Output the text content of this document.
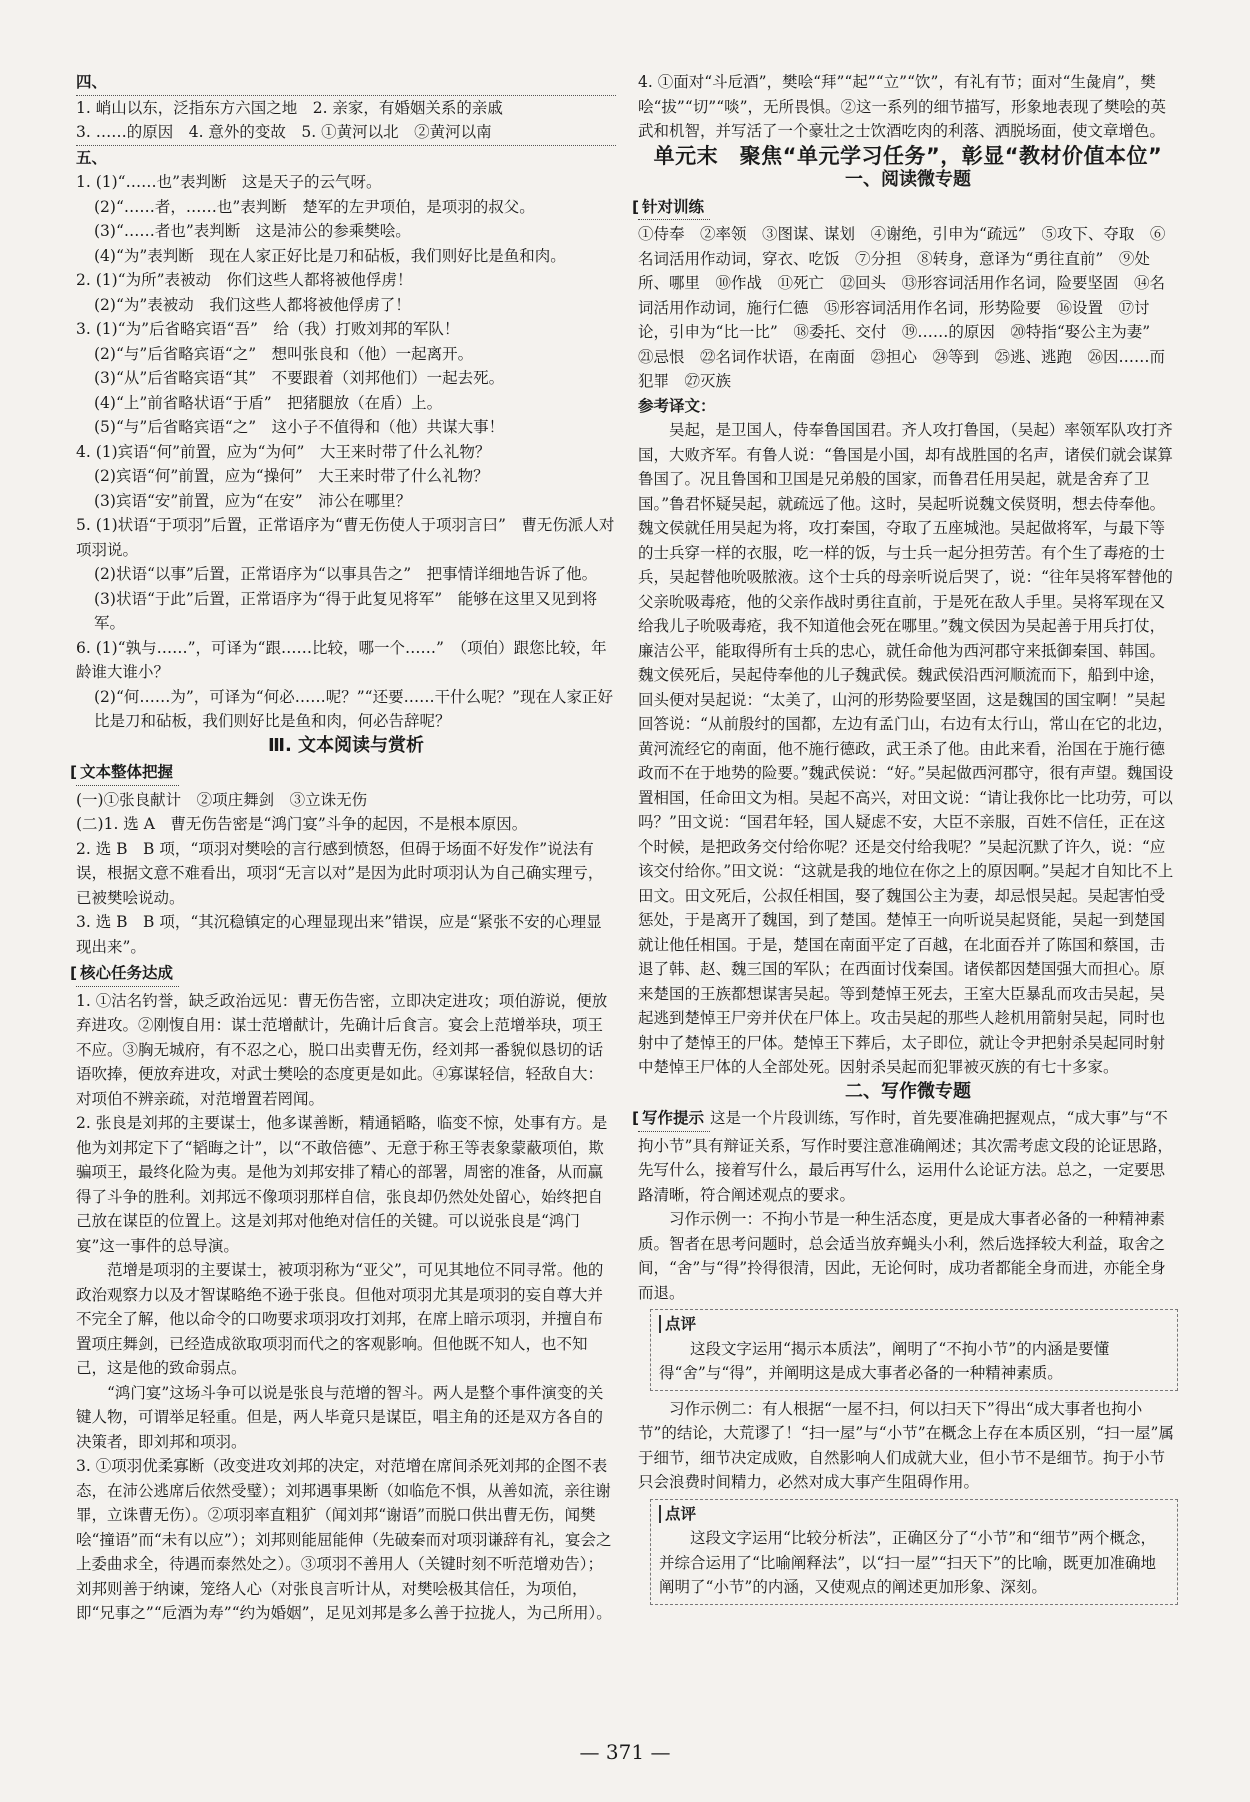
四、

1. 峭山以东，泛指东方六国之地　2. 亲家，有婚姻关系的亲戚

3. ……的原因　4. 意外的变故　5. ①黄河以北　②黄河以南

五、

1. (1)“……也”表判断　这是天子的云气呀。

(2)“……者，……也”表判断　楚军的左尹项伯，是项羽的叔父。

(3)“……者也”表判断　这是沛公的参乘樊哙。

(4)“为”表判断　现在人家正好比是刀和砧板，我们则好比是鱼和肉。

2. (1)“为所”表被动　你们这些人都将被他俘虏！

(2)“为”表被动　我们这些人都将被他俘虏了！

3. (1)“为”后省略宾语“吾”　给（我）打败刘邦的军队！

(2)“与”后省略宾语“之”　想叫张良和（他）一起离开。

(3)“从”后省略宾语“其”　不要跟着（刘邦他们）一起去死。

(4)“上”前省略状语“于盾”　把猪腿放（在盾）上。

(5)“与”后省略宾语“之”　这小子不值得和（他）共谋大事！

4. (1)宾语“何”前置，应为“为何”　大王来时带了什么礼物？

(2)宾语“何”前置，应为“操何”　大王来时带了什么礼物？

(3)宾语“安”前置，应为“在安”　沛公在哪里？

5. (1)状语“于项羽”后置，正常语序为“曹无伤使人于项羽言曰”　曹无伤派人对项羽说。

(2)状语“以事”后置，正常语序为“以事具告之”　把事情详细地告诉了他。

(3)状语“于此”后置，正常语序为“得于此复见将军”　能够在这里又见到将军。

6. (1)“孰与……”，可译为“跟……比较，哪一个……”　（项伯）跟您比较，年龄谁大谁小？

(2)“何……为”，可译为“何必……呢？”“还要……干什么呢？”现在人家正好比是刀和砧板，我们则好比是鱼和肉，何必告辞呢？

Ⅲ. 文本阅读与赏析

[ 文本整体把握

(一)①张良献计　②项庄舞剑　③立诛无伤

(二)1. 选 A　曹无伤告密是“鸿门宴”斗争的起因，不是根本原因。

2. 选 B　B 项，“项羽对樊哙的言行感到愤怒，但碍于场面不好发作”说法有误，根据文意不难看出，项羽“无言以对”是因为此时项羽认为自己确实理亏，已被樊哙说动。

3. 选 B　B 项，“其沉稳镇定的心理显现出来”错误，应是“紧张不安的心理显现出来”。

[ 核心任务达成

1. ①沽名钓誉，缺乏政治远见：曹无伤告密，立即决定进攻；项伯游说，便放弃进攻。②刚愎自用：谋士范增献计，先确计后食言。宴会上范增举玦，项王不应。③胸无城府，有不忍之心，脱口出卖曹无伤，经刘邦一番貌似恳切的话语吹捧，便放弃进攻，对武士樊哙的态度更是如此。④寡谋轻信，轻敌自大：对项伯不辨亲疏，对范增置若罔闻。

2. 张良是刘邦的主要谋士，他多谋善断，精通韬略，临变不惊，处事有方。是他为刘邦定下了“韬晦之计”，以“不敢倍德”、无意于称王等表象蒙蔽项伯，欺骗项王，最终化险为夷。是他为刘邦安排了精心的部署，周密的准备，从而赢得了斗争的胜利。刘邦远不像项羽那样自信，张良却仍然处处留心，始终把自己放在谋臣的位置上。这是刘邦对他绝对信任的关键。可以说张良是“鸿门宴”这一事件的总导演。

范增是项羽的主要谋士，被项羽称为“亚父”，可见其地位不同寻常。他的政治观察力以及才智谋略绝不逊于张良。但他对项羽尤其是项羽的妄自尊大并不完全了解，他以命令的口吻要求项羽攻打刘邦，在席上暗示项羽，并擅自布置项庄舞剑，已经造成欲取项羽而代之的客观影响。但他既不知人，也不知己，这是他的致命弱点。

“鸿门宴”这场斗争可以说是张良与范增的智斗。两人是整个事件演变的关键人物，可谓举足轻重。但是，两人毕竟只是谋臣，唱主角的还是双方各自的决策者，即刘邦和项羽。

3. ①项羽优柔寡断（改变进攻刘邦的决定，对范增在席间杀死刘邦的企图不表态，在沛公逃席后依然受璧）；刘邦遇事果断（如临危不惧，从善如流，亲往谢罪，立诛曹无伤）。②项羽率直粗犷（闻刘邦“谢语”而脱口供出曹无伤，闻樊哙“撞语”而“未有以应”）；刘邦则能屈能伸（先破秦而对项羽谦辞有礼，宴会之上委曲求全，待遇而泰然处之）。③项羽不善用人（关键时刻不听范增劝告）；刘邦则善于纳谏，笼络人心（对张良言听计从，对樊哙极其信任，为项伯，即“兄事之”“卮酒为寿”“约为婚姻”，足见刘邦是多么善于拉拢人，为己所用）。

4. ①面对“斗卮酒”，樊哙“拜”“起”“立”“饮”，有礼有节；面对“生彘肩”，樊哙“拔”“切”“啖”，无所畏惧。②这一系列的细节描写，形象地表现了樊哙的英武和机智，并写活了一个豪壮之士饮酒吃肉的利落、洒脱场面，使文章增色。

单元末　聚焦“单元学习任务”，彰显“教材价值本位”

一、阅读微专题

[ 针对训练

①侍奉　②率领　③图谋、谋划　④谢绝，引申为“疏远”　⑤攻下、夺取　⑥名词活用作动词，穿衣、吃饭　⑦分担　⑧转身，意译为“勇往直前”　⑨处所、哪里　⑩作战　⑪死亡　⑫回头　⑬形容词活用作名词，险要坚固　⑭名词活用作动词，施行仁德　⑮形容词活用作名词，形势险要　⑯设置　⑰讨论，引申为“比一比”　⑱委托、交付　⑲……的原因　⑳特指“娶公主为妻”　㉑忌恨　㉒名词作状语，在南面　㉓担心　㉔等到　㉕逃、逃跑　㉖因……而犯罪　㉗灭族

参考译文：

吴起，是卫国人，侍奉鲁国国君。齐人攻打鲁国，（吴起）率领军队攻打齐国，大败齐军。有鲁人说：“鲁国是小国，却有战胜国的名声，诸侯们就会谋算鲁国了。况且鲁国和卫国是兄弟般的国家，而鲁君任用吴起，就是舍弃了卫国。”鲁君怀疑吴起，就疏远了他。这时，吴起听说魏文侯贤明，想去侍奉他。魏文侯就任用吴起为将，攻打秦国，夺取了五座城池。吴起做将军，与最下等的士兵穿一样的衣服，吃一样的饭，与士兵一起分担劳苦。有个生了毒疮的士兵，吴起替他吮吸脓液。这个士兵的母亲听说后哭了，说：“往年吴将军替他的父亲吮吸毒疮，他的父亲作战时勇往直前，于是死在敌人手里。吴将军现在又给我儿子吮吸毒疮，我不知道他会死在哪里。”魏文侯因为吴起善于用兵打仗，廉洁公平，能取得所有士兵的忠心，就任命他为西河郡守来抵御秦国、韩国。魏文侯死后，吴起侍奉他的儿子魏武侯。魏武侯沿西河顺流而下，船到中途，回头便对吴起说：“太美了，山河的形势险要坚固，这是魏国的国宝啊！”吴起回答说：“从前殷纣的国都，左边有孟门山，右边有太行山，常山在它的北边，黄河流经它的南面，他不施行德政，武王杀了他。由此来看，治国在于施行德政而不在于地势的险要。”魏武侯说：“好。”吴起做西河郡守，很有声望。魏国设置相国，任命田文为相。吴起不高兴，对田文说：“请让我你比一比功劳，可以吗？”田文说：“国君年轻，国人疑虑不安，大臣不亲服，百姓不信任，正在这个时候，是把政务交付给你呢？还是交付给我呢？”吴起沉默了许久，说：“应该交付给你。”田文说：“这就是我的地位在你之上的原因啊。”吴起才自知比不上田文。田文死后，公叔任相国，娶了魏国公主为妻，却忌恨吴起。吴起害怕受惩处，于是离开了魏国，到了楚国。楚悼王一向听说吴起贤能，吴起一到楚国就让他任相国。于是，楚国在南面平定了百越，在北面吞并了陈国和蔡国，击退了韩、赵、魏三国的军队；在西面讨伐秦国。诸侯都因楚国强大而担心。原来楚国的王族都想谋害吴起。等到楚悼王死去，王室大臣暴乱而攻击吴起，吴起逃到楚悼王尸旁并伏在尸体上。攻击吴起的那些人趁机用箭射吴起，同时也射中了楚悼王的尸体。楚悼王下葬后，太子即位，就让令尹把射杀吴起同时射中楚悼王尸体的人全部处死。因射杀吴起而犯罪被灭族的有七十多家。

二、写作微专题

[ 写作提示 这是一个片段训练，写作时，首先要准确把握观点，“成大事”与“不拘小节”具有辩证关系，写作时要注意准确阐述；其次需考虑文段的论证思路，先写什么，接着写什么，最后再写什么，运用什么论证方法。总之，一定要思路清晰，符合阐述观点的要求。

习作示例一：不拘小节是一种生活态度，更是成大事者必备的一种精神素质。智者在思考问题时，总会适当放弃蝇头小利，然后选择较大利益，取舍之间，“舍”与“得”拎得很清，因此，无论何时，成功者都能全身而进，亦能全身而退。

点评

这段文字运用“揭示本质法”，阐明了“不拘小节”的内涵是要懂得“舍”与“得”，并阐明这是成大事者必备的一种精神素质。

习作示例二：有人根据“一屋不扫，何以扫天下”得出“成大事者也拘小节”的结论，大荒谬了！“扫一屋”与“小节”在概念上存在本质区别，“扫一屋”属于细节，细节决定成败，自然影响人们成就大业，但小节不是细节。拘于小节只会浪费时间精力，必然对成大事产生阻碍作用。

点评

这段文字运用“比较分析法”，正确区分了“小节”和“细节”两个概念，并综合运用了“比喻阐释法”，以“扫一屋”“扫天下”的比喻，既更加准确地阐明了“小节”的内涵，又使观点的阐述更加形象、深刻。

— 371 —
